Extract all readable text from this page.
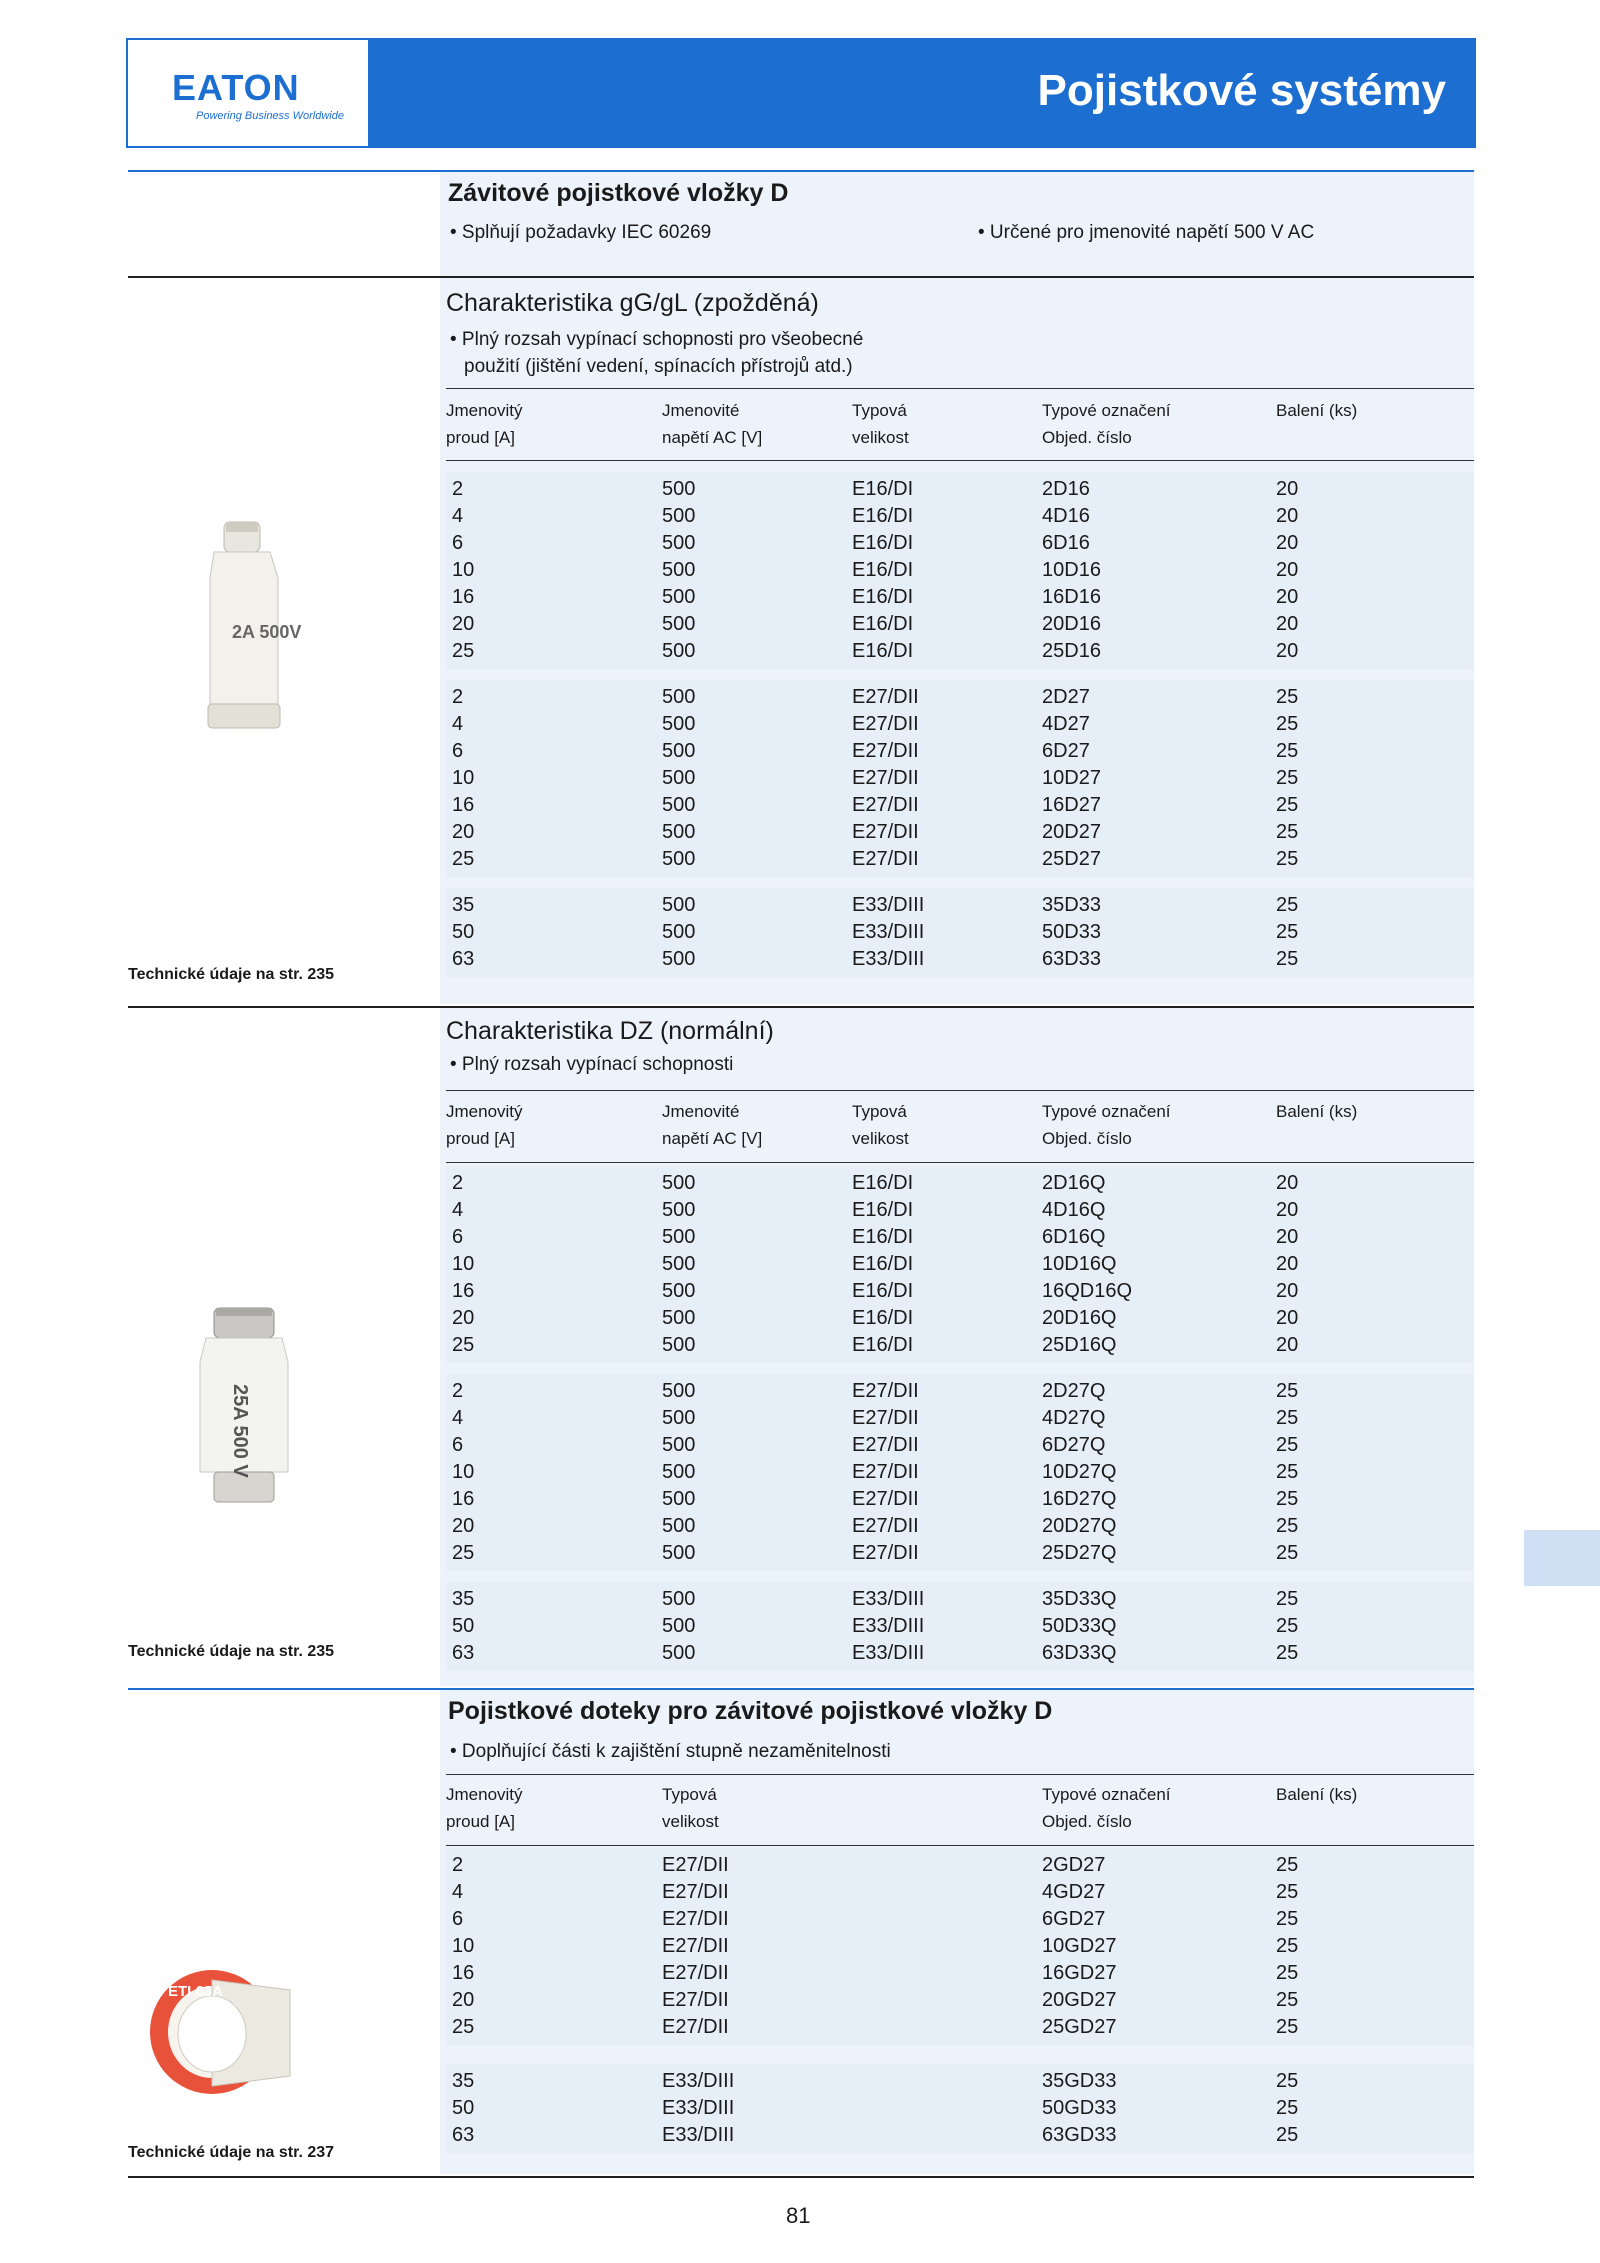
EATON
Powering Business Worldwide
Pojistkové systémy
Závitové pojistkové vložky D
• Splňují požadavky IEC 60269	• Určené pro jmenovité napětí 500 V AC
Charakteristika gG/gL (zpožděná)
• Plný rozsah vypínací schopnosti pro všeobecné
použití (jištění vedení, spínacích přístrojů atd.)
Jmenovitý
proud [A]
Jmenovité
napětí AC [V]
Typová
velikost
Typové označení
Objed. číslo
Balení (ks)
2	500	E16/DI	2D16	20
4	500	E16/DI	4D16	20
6	500	E16/DI	6D16	20
10	500	E16/DI	10D16	20
16	500	E16/DI	16D16	20
20	500	E16/DI	20D16	20
25	500	E16/DI	25D16	20
2	500	E27/DII	2D27	25
4	500	E27/DII	4D27	25
6	500	E27/DII	6D27	25
10	500	E27/DII	10D27	25
16	500	E27/DII	16D27	25
20	500	E27/DII	20D27	25
25	500	E27/DII	25D27	25
35	500	E33/DIII	35D33	25
50	500	E33/DIII	50D33	25
63	500	E33/DIII	63D33	25
2A 500V
Technické údaje na str. 235
Charakteristika DZ (normální)
• Plný rozsah vypínací schopnosti
Jmenovitý
proud [A]
Jmenovité
napětí AC [V]
Typová
velikost
Typové označení
Objed. číslo
Balení (ks)
2	500	E16/DI	2D16Q	20
4	500	E16/DI	4D16Q	20
6	500	E16/DI	6D16Q	20
10	500	E16/DI	10D16Q	20
16	500	E16/DI	16QD16Q	20
20	500	E16/DI	20D16Q	20
25	500	E16/DI	25D16Q	20
2	500	E27/DII	2D27Q	25
4	500	E27/DII	4D27Q	25
6	500	E27/DII	6D27Q	25
10	500	E27/DII	10D27Q	25
16	500	E27/DII	16D27Q	25
20	500	E27/DII	20D27Q	25
25	500	E27/DII	25D27Q	25
35	500	E33/DIII	35D33Q	25
50	500	E33/DIII	50D33Q	25
63	500	E33/DIII	63D33Q	25
25A 500 V
Technické údaje na str. 235
Pojistkové doteky pro závitové pojistkové vložky D
• Doplňující části k zajištění stupně nezaměnitelnosti
Jmenovitý
proud [A]
Typová
velikost
Typové označení
Objed. číslo
Balení (ks)
2	E27/DII	2GD27	25
4	E27/DII	4GD27	25
6	E27/DII	6GD27	25
10	E27/DII	10GD27	25
16	E27/DII	16GD27	25
20	E27/DII	20GD27	25
25	E27/DII	25GD27	25
35	E33/DIII	35GD33	25
50	E33/DIII	50GD33	25
63	E33/DIII	63GD33	25
ETI 63A
Technické údaje na str. 237
81
